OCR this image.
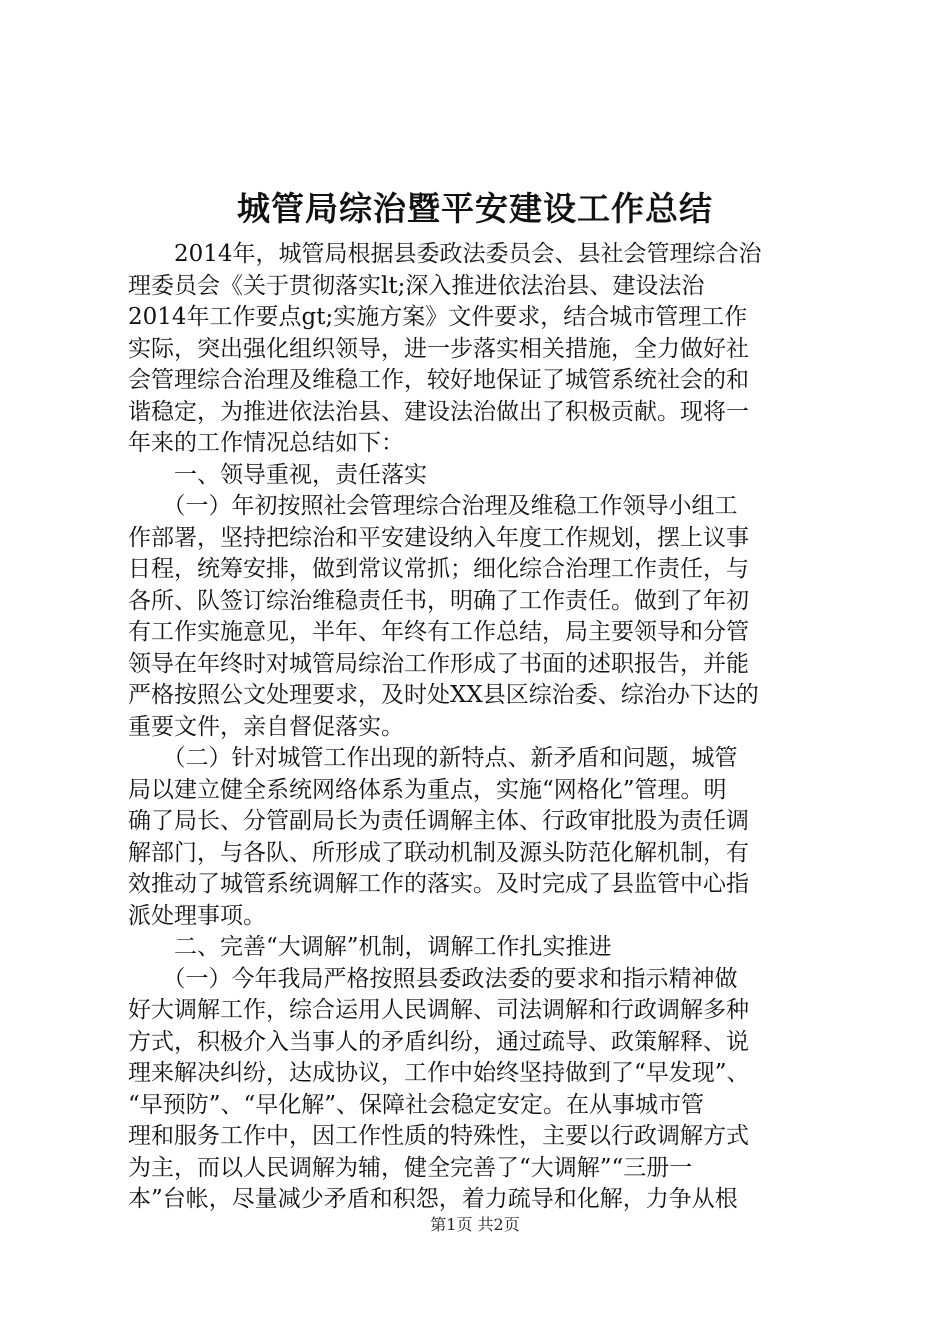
城管局综治暨平安建设工作总结
　　2014年，城管局根据县委政法委员会、县社会管理综合治
理委员会《关于贯彻落实lt;深入推进依法治县、建设法治
2014年工作要点gt;实施方案》文件要求，结合城市管理工作
实际，突出强化组织领导，进一步落实相关措施，全力做好社
会管理综合治理及维稳工作，较好地保证了城管系统社会的和
谐稳定，为推进依法治县、建设法治做出了积极贡献。现将一
年来的工作情况总结如下：
　　一、领导重视，责任落实
　　（一）年初按照社会管理综合治理及维稳工作领导小组工
作部署，坚持把综治和平安建设纳入年度工作规划，摆上议事
日程，统筹安排，做到常议常抓；细化综合治理工作责任，与
各所、队签订综治维稳责任书，明确了工作责任。做到了年初
有工作实施意见，半年、年终有工作总结，局主要领导和分管
领导在年终时对城管局综治工作形成了书面的述职报告，并能
严格按照公文处理要求，及时处XX县区综治委、综治办下达的
重要文件，亲自督促落实。
　　（二）针对城管工作出现的新特点、新矛盾和问题，城管
局以建立健全系统网络体系为重点，实施“网格化”管理。明
确了局长、分管副局长为责任调解主体、行政审批股为责任调
解部门，与各队、所形成了联动机制及源头防范化解机制，有
效推动了城管系统调解工作的落实。及时完成了县监管中心指
派处理事项。
　　二、完善“大调解”机制，调解工作扎实推进
　　（一）今年我局严格按照县委政法委的要求和指示精神做
好大调解工作，综合运用人民调解、司法调解和行政调解多种
方式，积极介入当事人的矛盾纠纷，通过疏导、政策解释、说
理来解决纠纷，达成协议，工作中始终坚持做到了“早发现”、
“早预防”、“早化解”、保障社会稳定安定。在从事城市管
理和服务工作中，因工作性质的特殊性，主要以行政调解方式
为主，而以人民调解为辅，健全完善了“大调解”“三册一
本”台帐，尽量减少矛盾和积怨，着力疏导和化解，力争从根
第1页 共2页
